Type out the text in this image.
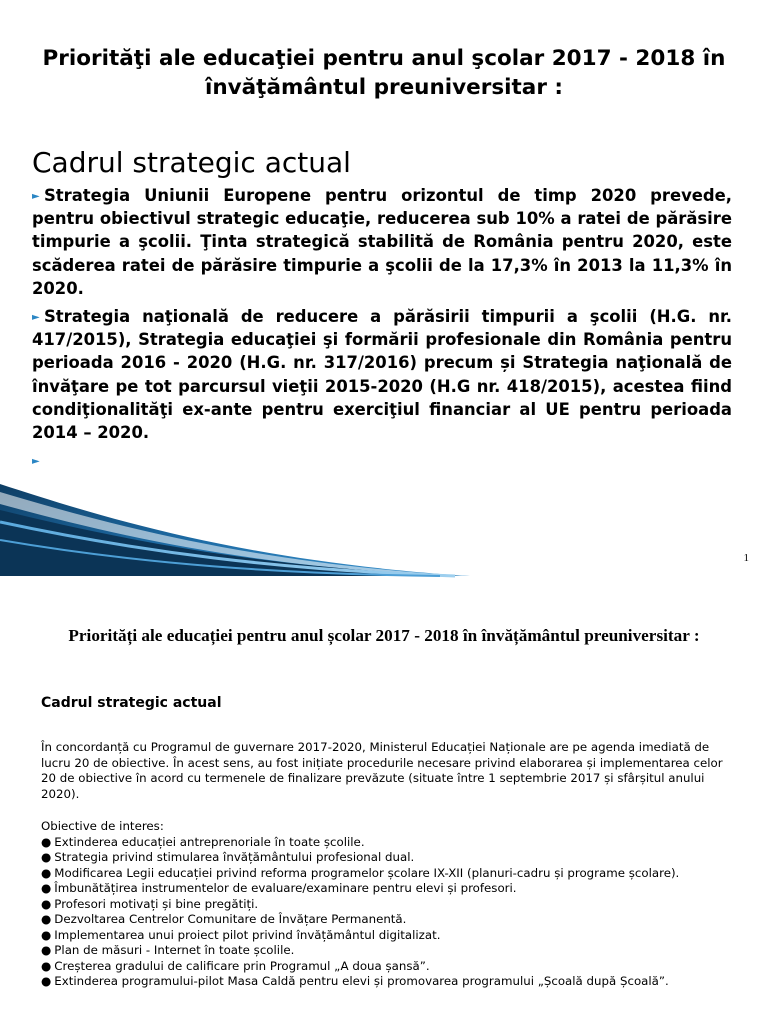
Priorităţi ale educaţiei pentru anul şcolar 2017 - 2018 în învăţământul preuniversitar :
Cadrul strategic actual
► Strategia Uniunii Europene pentru orizontul de timp 2020 prevede, pentru obiectivul strategic educaţie, reducerea sub 10% a ratei de părăsire timpurie a şcolii. Ţinta strategică stabilită de România pentru 2020, este scăderea ratei de părăsire timpurie a şcolii de la 17,3% în 2013 la 11,3% în 2020.
► Strategia naţională de reducere a părăsirii timpurii a şcolii (H.G. nr. 417/2015), Strategia educaţiei şi formării profesionale din România pentru perioada 2016 - 2020 (H.G. nr. 317/2016) precum și Strategia naţională de învăţare pe tot parcursul vieţii 2015-2020 (H.G nr. 418/2015), acestea fiind condiţionalităţi ex-ante pentru exerciţiul financiar al UE pentru perioada 2014 – 2020.
►
1
Priorități ale educației pentru anul școlar 2017 - 2018 în învățământul preuniversitar :
Cadrul strategic actual

În concordanță cu Programul de guvernare 2017-2020, Ministerul Educației Naționale are pe agenda imediată de lucru 20 de obiective. În acest sens, au fost inițiate procedurile necesare privind elaborarea și implementarea celor 20 de obiective în acord cu termenele de finalizare prevăzute (situate între 1 septembrie 2017 și sfârșitul anului 2020).

Obiective de interes:

● Extinderea educației antreprenoriale în toate școlile.
● Strategia privind stimularea învățământului profesional dual.
● Modificarea Legii educației privind reforma programelor școlare IX-XII (planuri-cadru și programe școlare).
● Îmbunătățirea instrumentelor de evaluare/examinare pentru elevi și profesori.
● Profesori motivați și bine pregătiți.
● Dezvoltarea Centrelor Comunitare de Învățare Permanentă.
● Implementarea unui proiect pilot privind învățământul digitalizat.
● Plan de măsuri - Internet în toate școlile.
● Creșterea gradului de calificare prin Programul „A doua șansă”.
● Extinderea programului-pilot Masa Caldă pentru elevi și promovarea programului „Școală după Școală”.
